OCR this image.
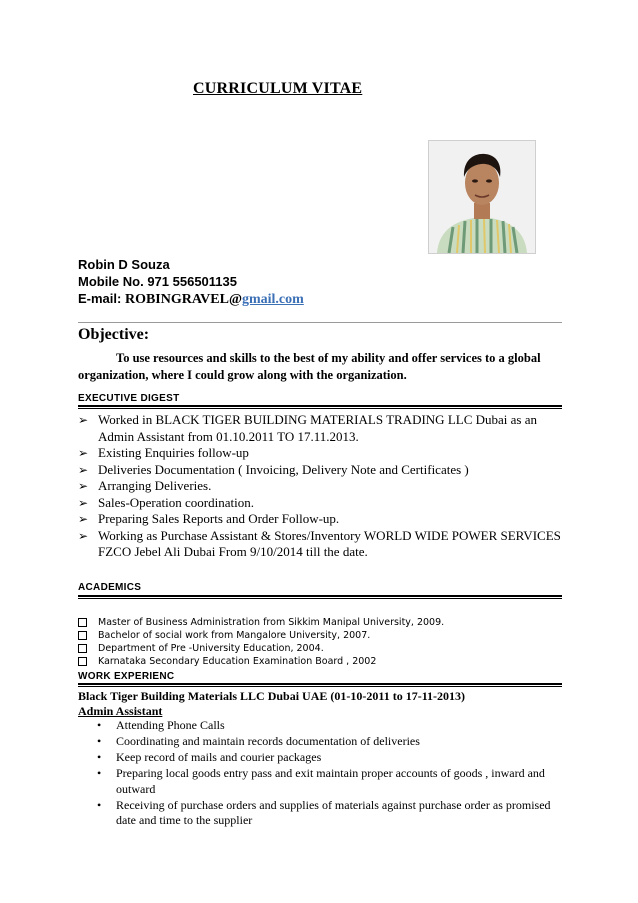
CURRICULUM VITAE
Robin D Souza
Mobile No. 971 556501135
E-mail: ROBINGRAVEL@gmail.com
Objective:
To use resources and skills to the best of my ability and offer services to a global organization, where I could grow along with the organization.
EXECUTIVE DIGEST
➢ Worked in BLACK TIGER BUILDING MATERIALS TRADING LLC Dubai as an Admin Assistant from 01.10.2011 TO 17.11.2013.
➢ Existing Enquiries follow-up
➢ Deliveries Documentation ( Invoicing, Delivery Note and Certificates )
➢ Arranging Deliveries.
➢ Sales-Operation coordination.
➢ Preparing Sales Reports and Order Follow-up.
➢ Working as Purchase Assistant & Stores/Inventory WORLD WIDE POWER SERVICES FZCO Jebel Ali Dubai From 9/10/2014 till the date.
ACADEMICS
Master of Business Administration from Sikkim Manipal University, 2009.
Bachelor of social work from Mangalore University, 2007.
Department of Pre -University Education, 2004.
Karnataka Secondary Education Examination Board , 2002
WORK EXPERIENC
Black Tiger Building Materials LLC Dubai UAE (01-10-2011 to 17-11-2013)
Admin Assistant
• Attending Phone Calls
• Coordinating and maintain records documentation of deliveries
• Keep record of mails and courier packages
• Preparing local goods entry pass and exit maintain proper accounts of goods , inward and outward
• Receiving of purchase orders and supplies of materials against purchase order as promised date and time to the supplier
